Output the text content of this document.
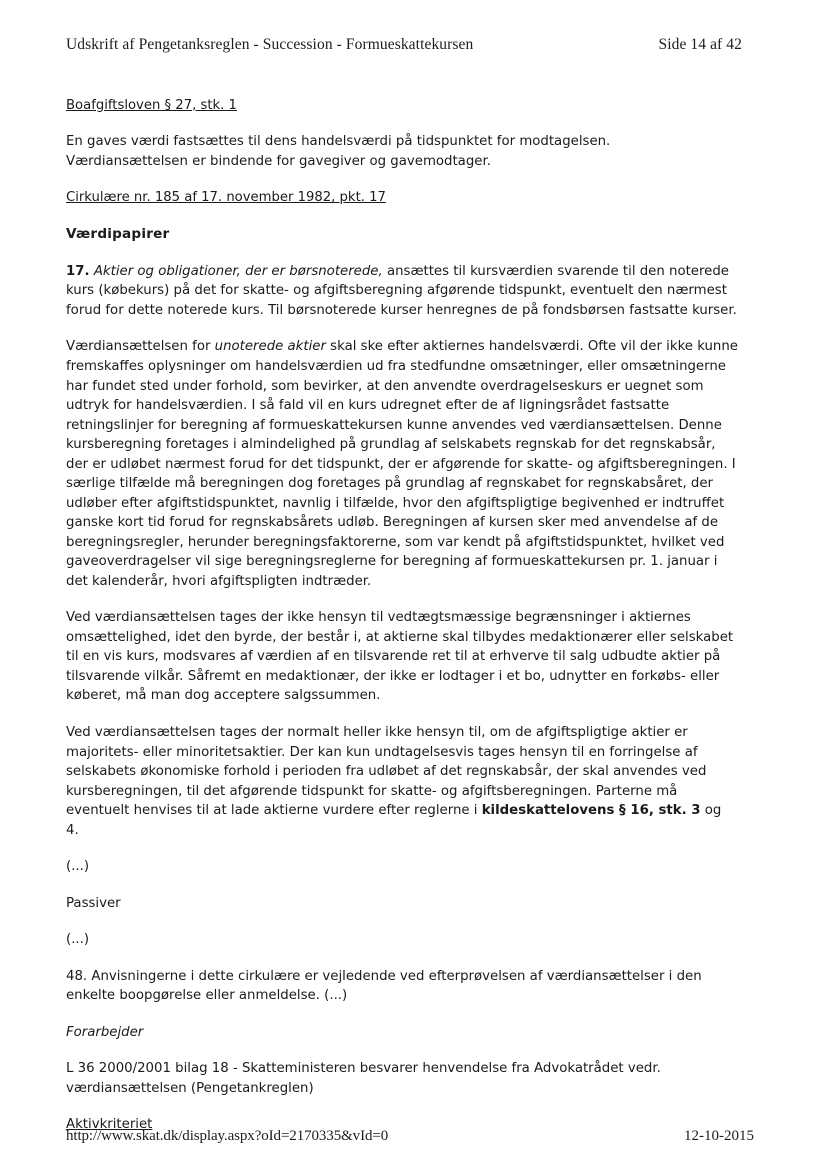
Udskrift af Pengetanksreglen - Succession - Formueskattekursen	Side 14 af 42

Boafgiftsloven § 27, stk. 1

En gaves værdi fastsættes til dens handelsværdi på tidspunktet for modtagelsen.
Værdiansættelsen er bindende for gavegiver og gavemodtager.

Cirkulære nr. 185 af 17. november 1982, pkt. 17

Værdipapirer

17. Aktier og obligationer, der er børsnoterede, ansættes til kursværdien svarende til den noterede kurs (købekurs) på det for skatte- og afgiftsberegning afgørende tidspunkt, eventuelt den nærmest forud for dette noterede kurs. Til børsnoterede kurser henregnes de på fondsbørsen fastsatte kurser.

Værdiansættelsen for unoterede aktier skal ske efter aktiernes handelsværdi. Ofte vil der ikke kunne fremskaffes oplysninger om handelsværdien ud fra stedfundne omsætninger, eller omsætningerne har fundet sted under forhold, som bevirker, at den anvendte overdragelseskurs er uegnet som udtryk for handelsværdien. I så fald vil en kurs udregnet efter de af ligningsrådet fastsatte retningslinjer for beregning af formueskattekursen kunne anvendes ved værdiansættelsen. Denne kursberegning foretages i almindelighed på grundlag af selskabets regnskab for det regnskabsår, der er udløbet nærmest forud for det tidspunkt, der er afgørende for skatte- og afgiftsberegningen. I særlige tilfælde må beregningen dog foretages på grundlag af regnskabet for regnskabsåret, der udløber efter afgiftstidspunktet, navnlig i tilfælde, hvor den afgiftspligtige begivenhed er indtruffet ganske kort tid forud for regnskabsårets udløb. Beregningen af kursen sker med anvendelse af de beregningsregler, herunder beregningsfaktorerne, som var kendt på afgiftstidspunktet, hvilket ved gaveoverdragelser vil sige beregningsreglerne for beregning af formueskattekursen pr. 1. januar i det kalenderår, hvori afgiftspligten indtræder.

Ved værdiansættelsen tages der ikke hensyn til vedtægtsmæssige begrænsninger i aktiernes omsættelighed, idet den byrde, der består i, at aktierne skal tilbydes medaktionærer eller selskabet til en vis kurs, modsvares af værdien af en tilsvarende ret til at erhverve til salg udbudte aktier på tilsvarende vilkår. Såfremt en medaktionær, der ikke er lodtager i et bo, udnytter en forkøbs- eller køberet, må man dog acceptere salgssummen.

Ved værdiansættelsen tages der normalt heller ikke hensyn til, om de afgiftspligtige aktier er majoritets- eller minoritetsaktier. Der kan kun undtagelsesvis tages hensyn til en forringelse af selskabets økonomiske forhold i perioden fra udløbet af det regnskabsår, der skal anvendes ved kursberegningen, til det afgørende tidspunkt for skatte- og afgiftsberegningen. Parterne må eventuelt henvises til at lade aktierne vurdere efter reglerne i kildeskattelovens § 16, stk. 3 og 4.

(...)

Passiver

(...)

48. Anvisningerne i dette cirkulære er vejledende ved efterprøvelsen af værdiansættelser i den enkelte boopgørelse eller anmeldelse. (...)

Forarbejder

L 36 2000/2001 bilag 18 - Skatteministeren besvarer henvendelse fra Advokatrådet vedr.
værdiansættelsen (Pengetankreglen)

Aktivkriteriet

http://www.skat.dk/display.aspx?oId=2170335&vId=0	12-10-2015
